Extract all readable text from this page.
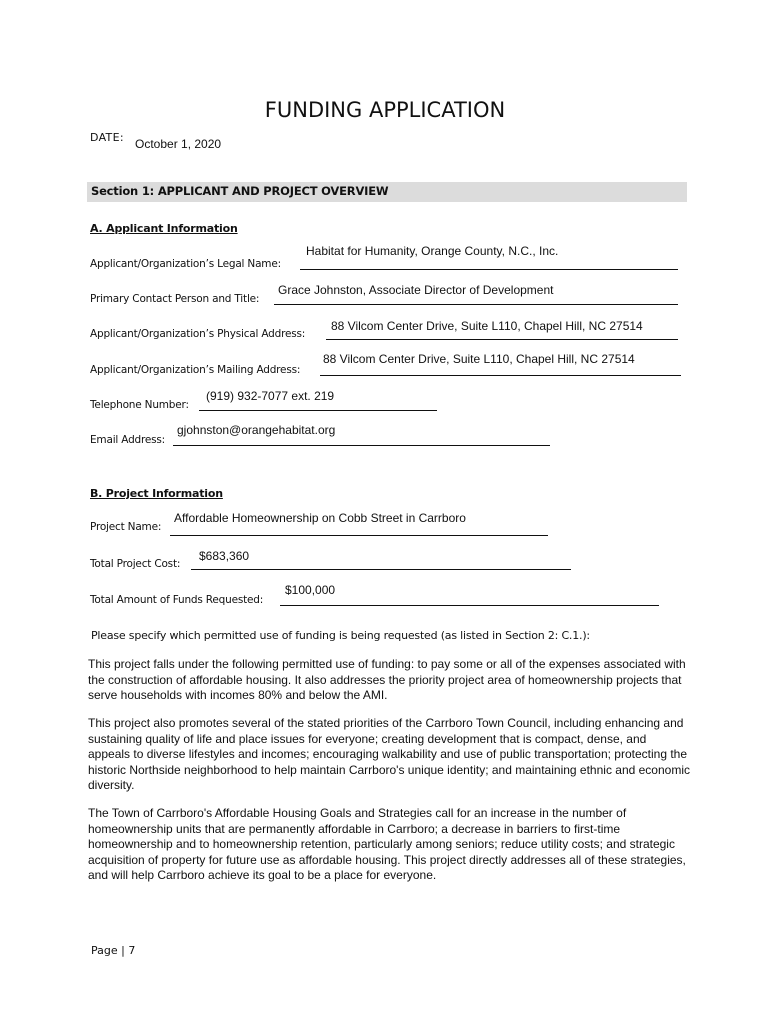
FUNDING APPLICATION
DATE: October 1, 2020
Section 1: APPLICANT AND PROJECT OVERVIEW
A. Applicant Information
Habitat for Humanity, Orange County, N.C., Inc.
Applicant/Organization’s Legal Name:
Grace Johnston, Associate Director of Development
Primary Contact Person and Title:
88 Vilcom Center Drive, Suite L110, Chapel Hill, NC 27514
Applicant/Organization’s Physical Address:
88 Vilcom Center Drive, Suite L110, Chapel Hill, NC 27514
Applicant/Organization’s Mailing Address:
(919) 932-7077 ext. 219
Telephone Number:
gjohnston@orangehabitat.org
Email Address:
B. Project Information
Affordable Homeownership on Cobb Street in Carrboro
Project Name:
$683,360
Total Project Cost:
$100,000
Total Amount of Funds Requested:
Please specify which permitted use of funding is being requested (as listed in Section 2: C.1.):
This project falls under the following permitted use of funding: to pay some or all of the expenses associated with the construction of affordable housing. It also addresses the priority project area of homeownership projects that serve households with incomes 80% and below the AMI.
This project also promotes several of the stated priorities of the Carrboro Town Council, including enhancing and sustaining quality of life and place issues for everyone; creating development that is compact, dense, and appeals to diverse lifestyles and incomes; encouraging walkability and use of public transportation; protecting the historic Northside neighborhood to help maintain Carrboro's unique identity; and maintaining ethnic and economic diversity.
The Town of Carrboro's Affordable Housing Goals and Strategies call for an increase in the number of homeownership units that are permanently affordable in Carrboro; a decrease in barriers to first-time homeownership and to homeownership retention, particularly among seniors; reduce utility costs; and strategic acquisition of property for future use as affordable housing. This project directly addresses all of these strategies, and will help Carrboro achieve its goal to be a place for everyone.
Page | 7
